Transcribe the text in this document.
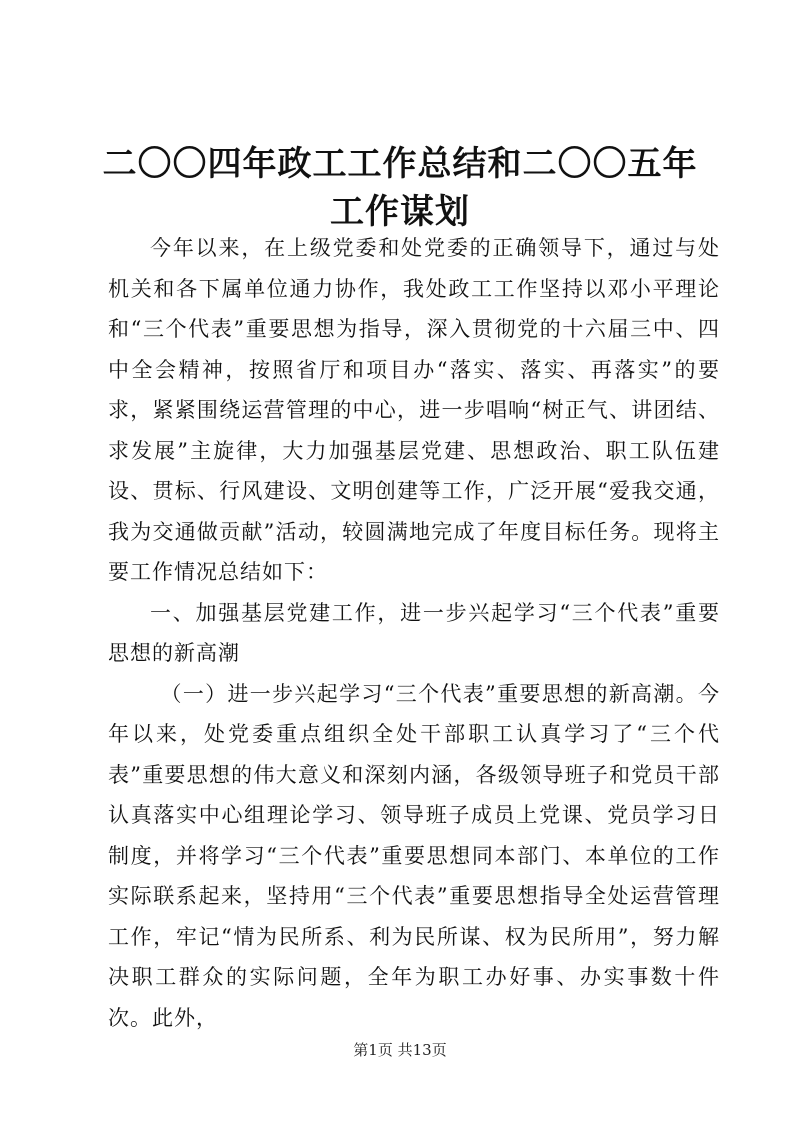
二〇〇四年政工工作总结和二〇〇五年工作谋划

今年以来，在上级党委和处党委的正确领导下，通过与处机关和各下属单位通力协作，我处政工工作坚持以邓小平理论和“三个代表”重要思想为指导，深入贯彻党的十六届三中、四中全会精神，按照省厅和项目办“落实、落实、再落实”的要求，紧紧围绕运营管理的中心，进一步唱响“树正气、讲团结、求发展”主旋律，大力加强基层党建、思想政治、职工队伍建设、贯标、行风建设、文明创建等工作，广泛开展“爱我交通，我为交通做贡献”活动，较圆满地完成了年度目标任务。现将主要工作情况总结如下：

一、加强基层党建工作，进一步兴起学习“三个代表”重要思想的新高潮

（一）进一步兴起学习“三个代表”重要思想的新高潮。今年以来，处党委重点组织全处干部职工认真学习了“三个代表”重要思想的伟大意义和深刻内涵，各级领导班子和党员干部认真落实中心组理论学习、领导班子成员上党课、党员学习日制度，并将学习“三个代表”重要思想同本部门、本单位的工作实际联系起来，坚持用“三个代表”重要思想指导全处运营管理工作，牢记“情为民所系、利为民所谋、权为民所用”，努力解决职工群众的实际问题，全年为职工办好事、办实事数十件次。此外，

第1页 共13页
